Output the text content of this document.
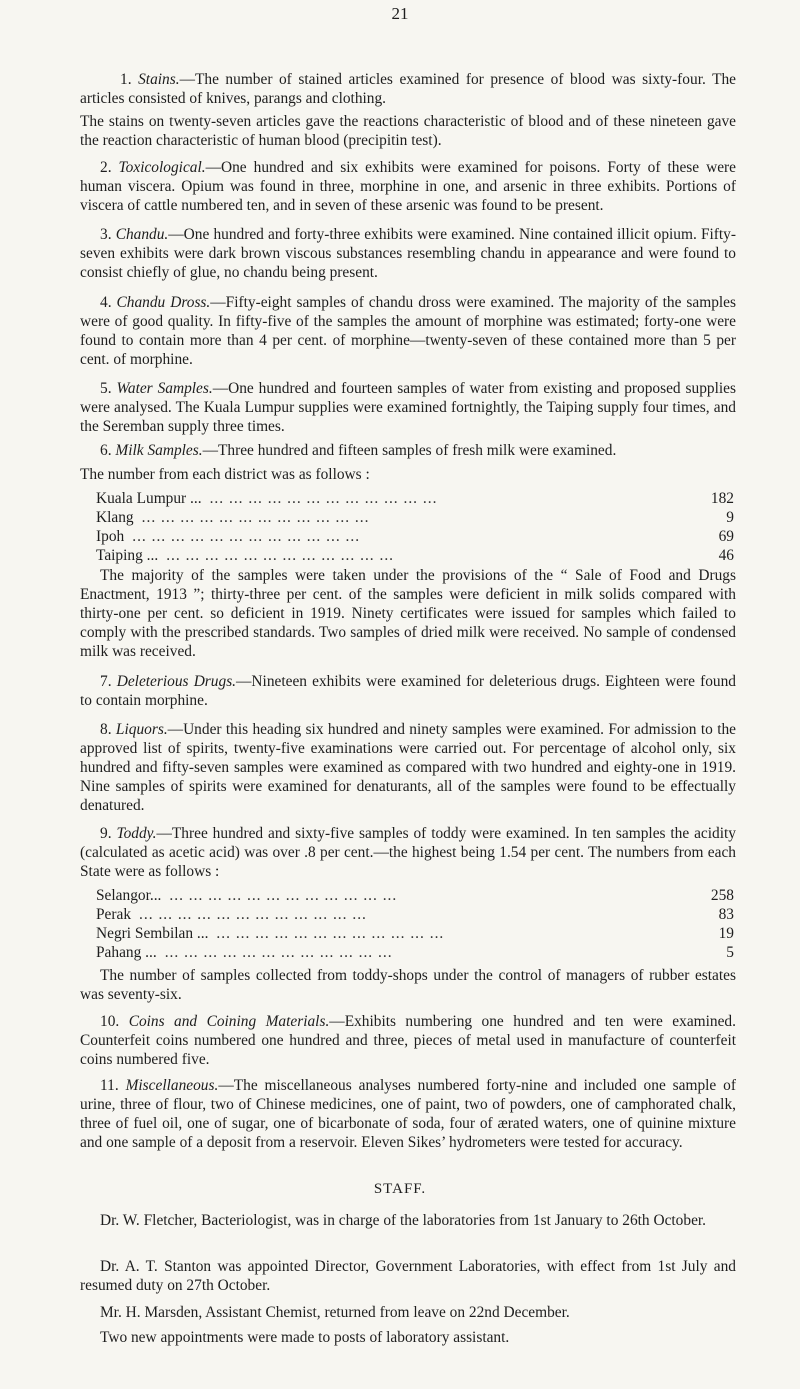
21

1. Stains.—The number of stained articles examined for presence of blood was sixty-four. The articles consisted of knives, parangs and clothing.

The stains on twenty-seven articles gave the reactions characteristic of blood and of these nineteen gave the reaction characteristic of human blood (precipitin test).

2. Toxicological.—One hundred and six exhibits were examined for poisons. Forty of these were human viscera. Opium was found in three, morphine in one, and arsenic in three exhibits. Portions of viscera of cattle numbered ten, and in seven of these arsenic was found to be present.

3. Chandu.—One hundred and forty-three exhibits were examined. Nine contained illicit opium. Fifty-seven exhibits were dark brown viscous substances resembling chandu in appearance and were found to consist chiefly of glue, no chandu being present.

4. Chandu Dross.—Fifty-eight samples of chandu dross were examined. The majority of the samples were of good quality. In fifty-five of the samples the amount of morphine was estimated; forty-one were found to contain more than 4 per cent. of morphine—twenty-seven of these contained more than 5 per cent. of morphine.

5. Water Samples.—One hundred and fourteen samples of water from existing and proposed supplies were analysed. The Kuala Lumpur supplies were examined fortnightly, the Taiping supply four times, and the Seremban supply three times.

6. Milk Samples.—Three hundred and fifteen samples of fresh milk were examined.

The number from each district was as follows :

Kuala Lumpur ... ... ... ... ... ... ... ... ... ... ... ... ...	182
Klang ... ... ... ... ... ... ... ... ... ... ... ...	9
Ipoh ... ... ... ... ... ... ... ... ... ... ... ...	69
Taiping ... ... ... ... ... ... ... ... ... ... ... ... ...	46

The majority of the samples were taken under the provisions of the “ Sale of Food and Drugs Enactment, 1913 ”; thirty-three per cent. of the samples were deficient in milk solids compared with thirty-one per cent. so deficient in 1919. Ninety certificates were issued for samples which failed to comply with the prescribed standards. Two samples of dried milk were received. No sample of condensed milk was received.

7. Deleterious Drugs.—Nineteen exhibits were examined for deleterious drugs. Eighteen were found to contain morphine.

8. Liquors.—Under this heading six hundred and ninety samples were examined. For admission to the approved list of spirits, twenty-five examinations were carried out. For percentage of alcohol only, six hundred and fifty-seven samples were examined as compared with two hundred and eighty-one in 1919. Nine samples of spirits were examined for denaturants, all of the samples were found to be effectually denatured.

9. Toddy.—Three hundred and sixty-five samples of toddy were examined. In ten samples the acidity (calculated as acetic acid) was over .8 per cent.—the highest being 1.54 per cent. The numbers from each State were as follows :

Selangor... ... ... ... ... ... ... ... ... ... ... ... ...	258
Perak ... ... ... ... ... ... ... ... ... ... ... ...	83
Negri Sembilan ... ... ... ... ... ... ... ... ... ... ... ... ...	19
Pahang ... ... ... ... ... ... ... ... ... ... ... ... ...	5

The number of samples collected from toddy-shops under the control of managers of rubber estates was seventy-six.

10. Coins and Coining Materials.—Exhibits numbering one hundred and ten were examined. Counterfeit coins numbered one hundred and three, pieces of metal used in manufacture of counterfeit coins numbered five.

11. Miscellaneous.—The miscellaneous analyses numbered forty-nine and included one sample of urine, three of flour, two of Chinese medicines, one of paint, two of powders, one of camphorated chalk, three of fuel oil, one of sugar, one of bicarbonate of soda, four of ærated waters, one of quinine mixture and one sample of a deposit from a reservoir. Eleven Sikes’ hydrometers were tested for accuracy.

STAFF.

Dr. W. Fletcher, Bacteriologist, was in charge of the laboratories from 1st January to 26th October.

Dr. A. T. Stanton was appointed Director, Government Laboratories, with effect from 1st July and resumed duty on 27th October.

Mr. H. Marsden, Assistant Chemist, returned from leave on 22nd December.

Two new appointments were made to posts of laboratory assistant.
